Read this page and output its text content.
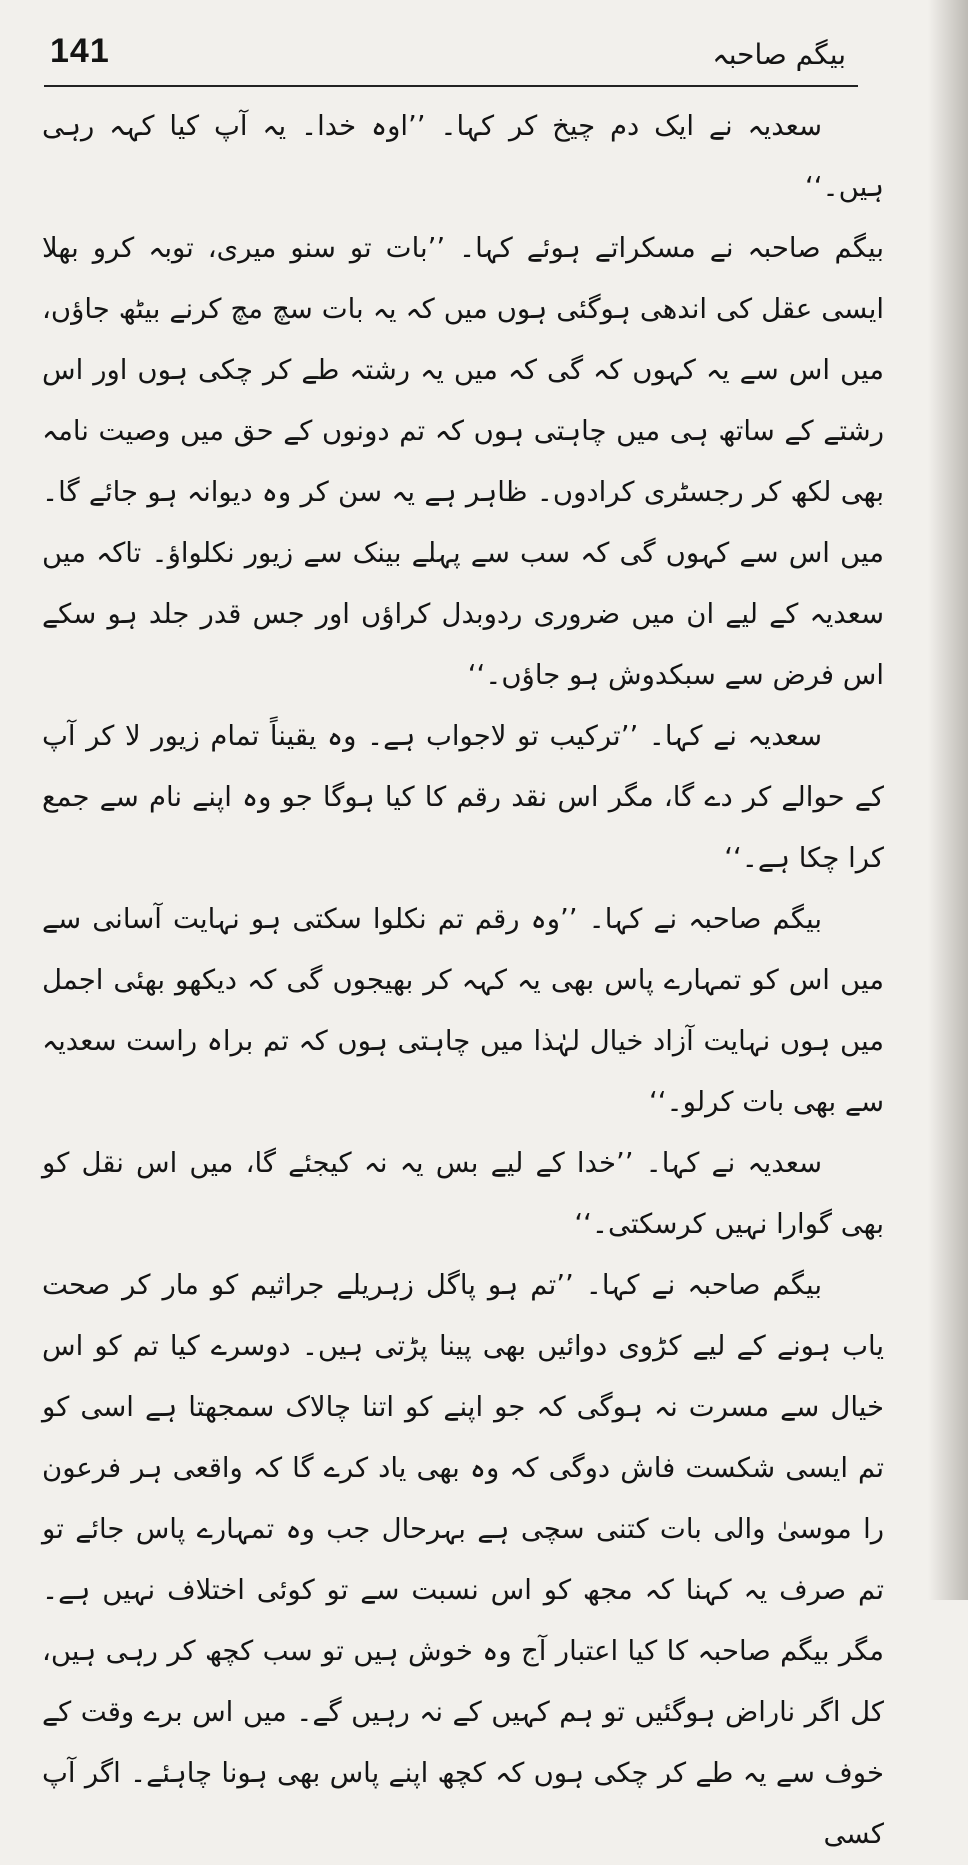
141	بیگم صاحبہ

سعدیہ نے ایک دم چیخ کر کہا۔ ’’اوہ خدا۔ یہ آپ کیا کہہ رہی ہیں۔‘‘

بیگم صاحبہ نے مسکراتے ہوئے کہا۔ ’’بات تو سنو میری، توبہ کرو بھلا ایسی عقل کی اندھی ہوگئی ہوں میں کہ یہ بات سچ مچ کرنے بیٹھ جاؤں، میں اس سے یہ کہوں کہ گی کہ میں یہ رشتہ طے کر چکی ہوں اور اس رشتے کے ساتھ ہی میں چاہتی ہوں کہ تم دونوں کے حق میں وصیت نامہ بھی لکھ کر رجسٹری کرادوں۔ ظاہر ہے یہ سن کر وہ دیوانہ ہو جائے گا۔ میں اس سے کہوں گی کہ سب سے پہلے بینک سے زیور نکلواؤ۔ تاکہ میں سعدیہ کے لیے ان میں ضروری ردوبدل کراؤں اور جس قدر جلد ہو سکے اس فرض سے سبکدوش ہو جاؤں۔‘‘

سعدیہ نے کہا۔ ’’ترکیب تو لاجواب ہے۔ وہ یقیناً تمام زیور لا کر آپ کے حوالے کر دے گا، مگر اس نقد رقم کا کیا ہوگا جو وہ اپنے نام سے جمع کرا چکا ہے۔‘‘

بیگم صاحبہ نے کہا۔ ’’وہ رقم تم نکلوا سکتی ہو نہایت آسانی سے میں اس کو تمہارے پاس بھی یہ کہہ کر بھیجوں گی کہ دیکھو بھئی اجمل میں ہوں نہایت آزاد خیال لہٰذا میں چاہتی ہوں کہ تم براہ راست سعدیہ سے بھی بات کرلو۔‘‘

سعدیہ نے کہا۔ ’’خدا کے لیے بس یہ نہ کیجئے گا، میں اس نقل کو بھی گوارا نہیں کرسکتی۔‘‘

بیگم صاحبہ نے کہا۔ ’’تم ہو پاگل زہریلے جراثیم کو مار کر صحت یاب ہونے کے لیے کڑوی دوائیں بھی پینا پڑتی ہیں۔ دوسرے کیا تم کو اس خیال سے مسرت نہ ہوگی کہ جو اپنے کو اتنا چالاک سمجھتا ہے اسی کو تم ایسی شکست فاش دوگی کہ وہ بھی یاد کرے گا کہ واقعی ہر فرعون را موسیٰ والی بات کتنی سچی ہے بہرحال جب وہ تمہارے پاس جائے تو تم صرف یہ کہنا کہ مجھ کو اس نسبت سے تو کوئی اختلاف نہیں ہے۔ مگر بیگم صاحبہ کا کیا اعتبار آج وہ خوش ہیں تو سب کچھ کر رہی ہیں، کل اگر ناراض ہوگئیں تو ہم کہیں کے نہ رہیں گے۔ میں اس برے وقت کے خوف سے یہ طے کر چکی ہوں کہ کچھ اپنے پاس بھی ہونا چاہئے۔ اگر آپ کسی
